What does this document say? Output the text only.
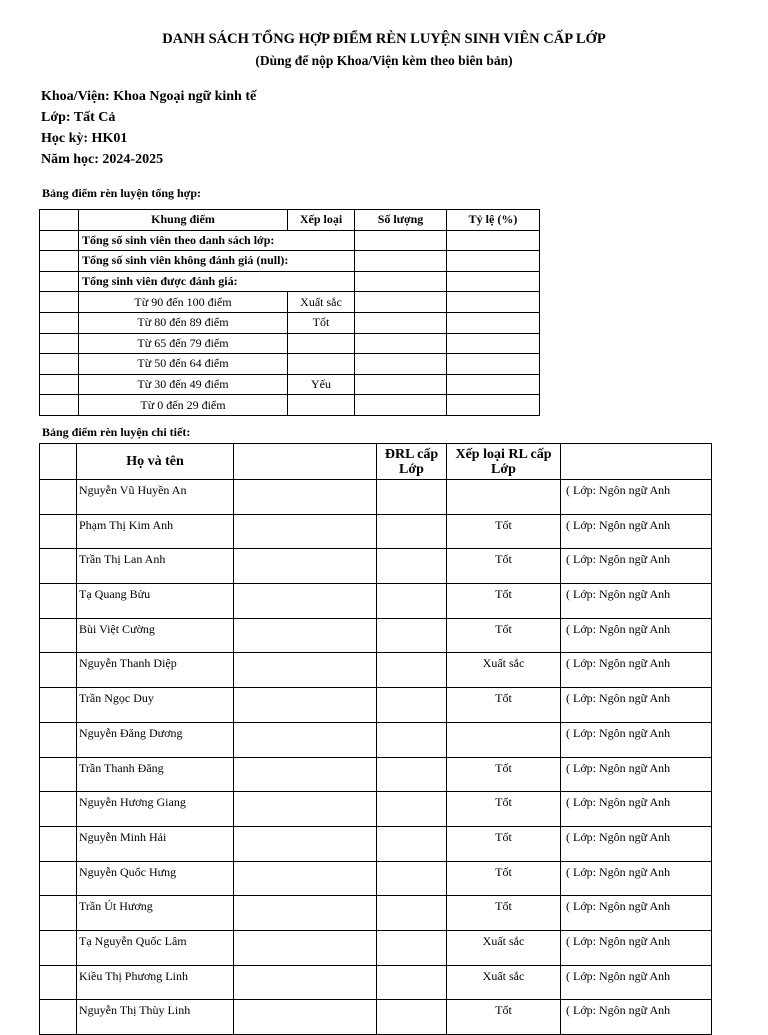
DANH SÁCH TỔNG HỢP ĐIỂM RÈN LUYỆN SINH VIÊN CẤP LỚP
(Dùng để nộp Khoa/Viện kèm theo biên bản)
Khoa/Viện: Khoa Ngoại ngữ kinh tế
Lớp: Tất Cả
Học kỳ: HK01
Năm học: 2024-2025
Bảng điểm rèn luyện tổng hợp:
	Khung điểm	Xếp loại	Số lượng	Tỷ lệ (%)
	Tổng số sinh viên theo danh sách lớp:			
	Tổng số sinh viên không đánh giá (null):			
	Tổng sinh viên được đánh giá:			
	Từ 90 đến 100 điểm	Xuất sắc		
	Từ 80 đến 89 điểm	Tốt		
	Từ 65 đến 79 điểm			
	Từ 50 đến 64 điểm			
	Từ 30 đến 49 điểm	Yếu		
	Từ 0 đến 29 điểm			
Bảng điểm rèn luyện chi tiết:
	Họ và tên		ĐRL cấp Lớp	Xếp loại RL cấp Lớp	
	Nguyễn Vũ Huyền An				( Lớp: Ngôn ngữ Anh
	Phạm Thị Kim Anh			Tốt	( Lớp: Ngôn ngữ Anh
	Trần Thị Lan Anh			Tốt	( Lớp: Ngôn ngữ Anh
	Tạ Quang Bửu			Tốt	( Lớp: Ngôn ngữ Anh
	Bùi Việt Cường			Tốt	( Lớp: Ngôn ngữ Anh
	Nguyễn Thanh Diệp			Xuất sắc	( Lớp: Ngôn ngữ Anh
	Trần Ngọc Duy			Tốt	( Lớp: Ngôn ngữ Anh
	Nguyễn Đăng Dương				( Lớp: Ngôn ngữ Anh
	Trần Thanh Đăng			Tốt	( Lớp: Ngôn ngữ Anh
	Nguyễn Hương Giang			Tốt	( Lớp: Ngôn ngữ Anh
	Nguyễn Minh Hải			Tốt	( Lớp: Ngôn ngữ Anh
	Nguyễn Quốc Hưng			Tốt	( Lớp: Ngôn ngữ Anh
	Trần Út Hương			Tốt	( Lớp: Ngôn ngữ Anh
	Tạ Nguyễn Quốc Lâm			Xuất sắc	( Lớp: Ngôn ngữ Anh
	Kiều Thị Phương Linh			Xuất sắc	( Lớp: Ngôn ngữ Anh
	Nguyễn Thị Thùy Linh			Tốt	( Lớp: Ngôn ngữ Anh
